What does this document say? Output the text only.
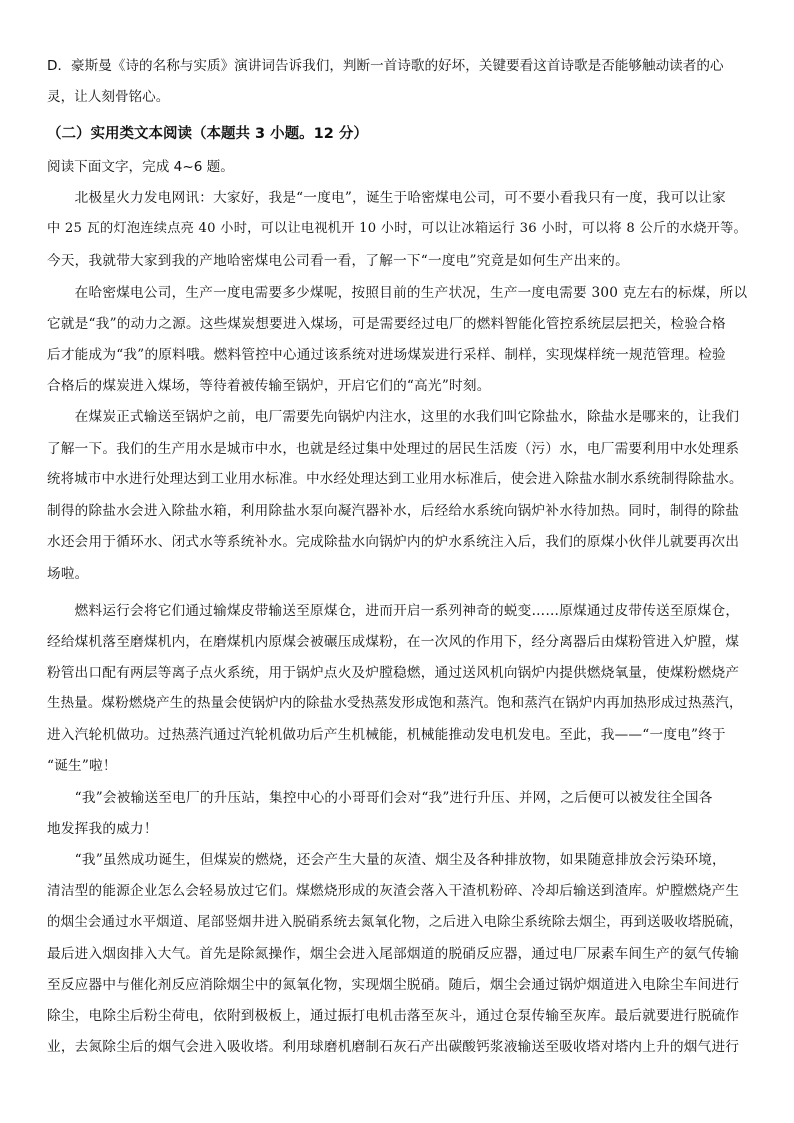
D．豪斯曼《诗的名称与实质》演讲词告诉我们，判断一首诗歌的好坏，关键要看这首诗歌是否能够触动读者的心
灵，让人刻骨铭心。
（二）实用类文本阅读（本题共 3 小题。12 分）
阅读下面文字，完成 4~6 题。
　　北极星火力发电网讯：大家好，我是“一度电”，诞生于哈密煤电公司，可不要小看我只有一度，我可以让家
中 25 瓦的灯泡连续点亮 40 小时，可以让电视机开 10 小时，可以让冰箱运行 36 小时，可以将 8 公斤的水烧开等。
今天，我就带大家到我的产地哈密煤电公司看一看，了解一下“一度电”究竟是如何生产出来的。
　　在哈密煤电公司，生产一度电需要多少煤呢，按照目前的生产状况，生产一度电需要 300 克左右的标煤，所以
它就是“我”的动力之源。这些煤炭想要进入煤场，可是需要经过电厂的燃料智能化管控系统层层把关，检验合格
后才能成为“我”的原料哦。燃料管控中心通过该系统对进场煤炭进行采样、制样，实现煤样统一规范管理。检验
合格后的煤炭进入煤场，等待着被传输至锅炉，开启它们的“高光”时刻。
　　在煤炭正式输送至锅炉之前，电厂需要先向锅炉内注水，这里的水我们叫它除盐水，除盐水是哪来的，让我们
了解一下。我们的生产用水是城市中水，也就是经过集中处理过的居民生活废（污）水，电厂需要利用中水处理系
统将城市中水进行处理达到工业用水标准。中水经处理达到工业用水标准后，使会进入除盐水制水系统制得除盐水。
制得的除盐水会进入除盐水箱，利用除盐水泵向凝汽器补水，后经给水系统向锅炉补水待加热。同时，制得的除盐
水还会用于循环水、闭式水等系统补水。完成除盐水向锅炉内的炉水系统注入后，我们的原煤小伙伴儿就要再次出
场啦。
　　燃料运行会将它们通过输煤皮带输送至原煤仓，进而开启一系列神奇的蜕变……原煤通过皮带传送至原煤仓，
经给煤机落至磨煤机内，在磨煤机内原煤会被碾压成煤粉，在一次风的作用下，经分离器后由煤粉管进入炉膛，煤
粉管出口配有两层等离子点火系统，用于锅炉点火及炉膛稳燃，通过送风机向锅炉内提供燃烧氧量，使煤粉燃烧产
生热量。煤粉燃烧产生的热量会使锅炉内的除盐水受热蒸发形成饱和蒸汽。饱和蒸汽在锅炉内再加热形成过热蒸汽，
进入汽轮机做功。过热蒸汽通过汽轮机做功后产生机械能，机械能推动发电机发电。至此，我——“一度电”终于
“诞生”啦！
　　“我”会被输送至电厂的升压站，集控中心的小哥哥们会对“我”进行升压、并网，之后便可以被发往全国各
地发挥我的威力！
　　“我”虽然成功诞生，但煤炭的燃烧，还会产生大量的灰渣、烟尘及各种排放物，如果随意排放会污染环境，
清洁型的能源企业怎么会轻易放过它们。煤燃烧形成的灰渣会落入干渣机粉碎、冷却后输送到渣库。炉膛燃烧产生
的烟尘会通过水平烟道、尾部竖烟井进入脱硝系统去氮氧化物，之后进入电除尘系统除去烟尘，再到送吸收塔脱硫，
最后进入烟囱排入大气。首先是除氮操作，烟尘会进入尾部烟道的脱硝反应器，通过电厂尿素车间生产的氨气传输
至反应器中与催化剂反应消除烟尘中的氮氧化物，实现烟尘脱硝。随后，烟尘会通过锅炉烟道进入电除尘车间进行
除尘，电除尘后粉尘荷电，依附到极板上，通过振打电机击落至灰斗，通过仓泵传输至灰库。最后就要进行脱硫作
业，去氮除尘后的烟气会进入吸收塔。利用球磨机磨制石灰石产出碳酸钙浆液输送至吸收塔对塔内上升的烟气进行
